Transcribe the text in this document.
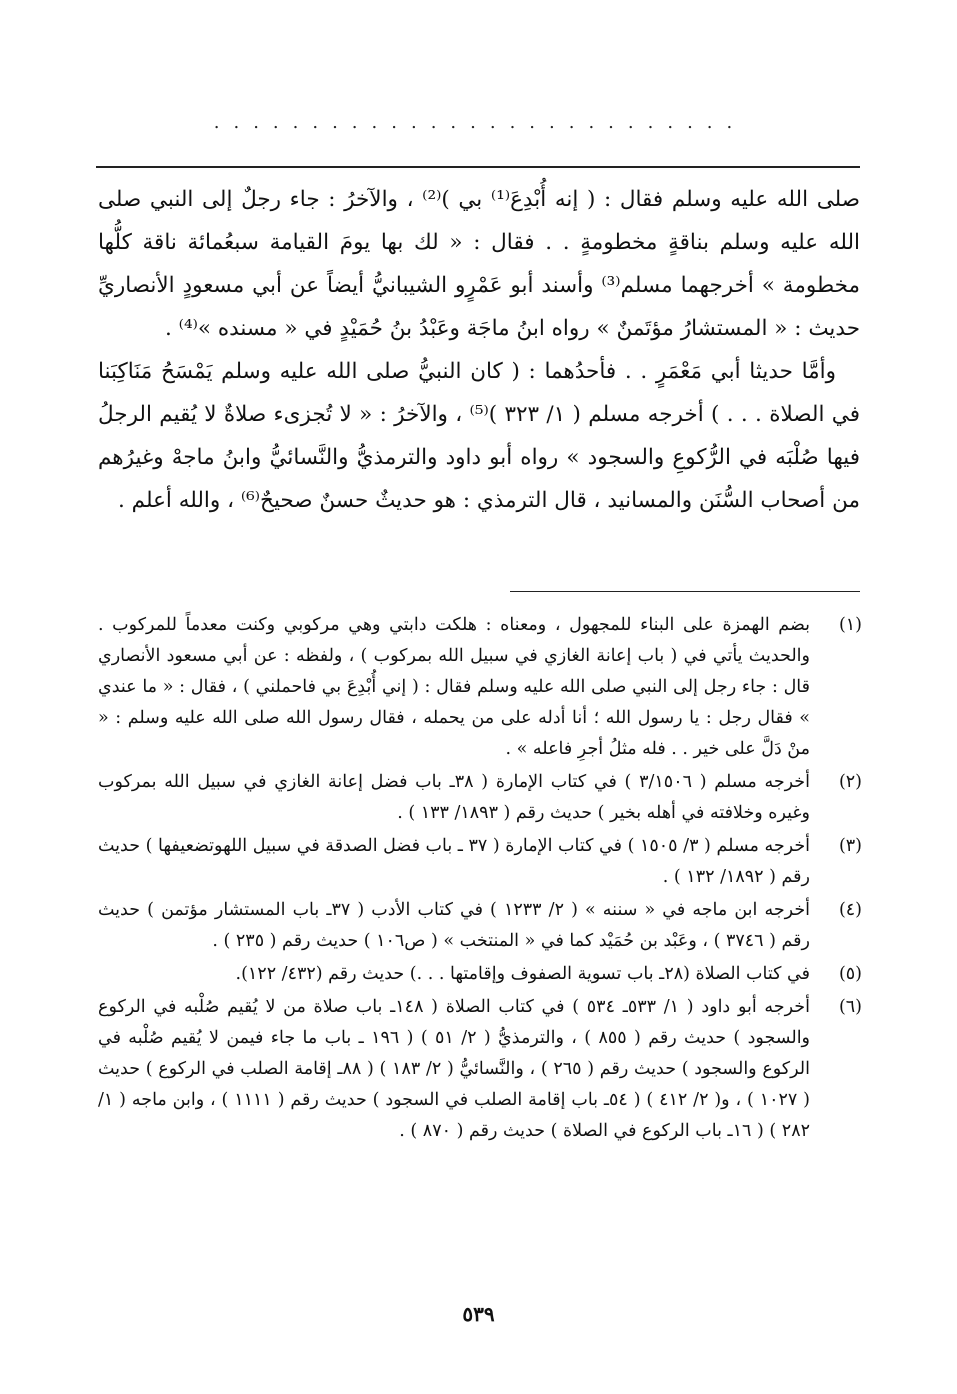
...........................

صلى الله عليه وسلم فقال : ( إنه أُبْدِعَ⁽¹⁾ بي )⁽²⁾ ، والآخرُ : جاء رجلٌ إلى النبي صلى الله عليه وسلم بناقةٍ مخطومةٍ . . فقال : « لك بها يومَ القيامة سبعُمائة ناقة كلُّها مخطومة » أخرجهما مسلم⁽³⁾ وأسند أبو عَمْرٍو الشيبانيُّ أيضاً عن أبي مسعودٍ الأنصاريِّ حديث : « المستشارُ مؤتَمنٌ » رواه ابنُ ماجَة وعَبْدُ بنُ حُمَيْدٍ في « مسنده »⁽⁴⁾ .

وأمَّا حديثا أبي مَعْمَرٍ . . فأحدُهما : ( كان النبيُّ صلى الله عليه وسلم يَمْسَحُ مَنَاكِبَنا في الصلاة . . . ) أخرجه مسلم ( ١/ ٣٢٣ )⁽⁵⁾ ، والآخرُ : « لا تُجزىء صلاةٌ لا يُقيم الرجلُ فيها صُلْبَه في الرُّكوعِ والسجود » رواه أبو داود والترمذيُّ والنَّسائيُّ وابنُ ماجهْ وغيرُهم من أصحاب السُّنَن والمسانيد ، قال الترمذي : هو حديثٌ حسنٌ صحيحٌ⁽⁶⁾ ، والله أعلم .

(١)
بضم الهمزة على البناء للمجهول ، ومعناه : هلكت دابتي وهي مركوبي وكنت معدماً للمركوب . والحديث يأتي في ( باب إعانة الغازي في سبيل الله بمركوب ) ، ولفظه : عن أبي مسعود الأنصاري قال : جاء رجل إلى النبي صلى الله عليه وسلم فقال : ( إني أُبْدِعَ بي فاحملني ) ، فقال : « ما عندي » فقال رجل : يا رسول الله ؛ أنا أدله على من يحمله ، فقال رسول الله صلى الله عليه وسلم : « منْ دَلَّ على خير . . فله مثلُ أجرِ فاعله » .
(٢)
أخرجه مسلم ( ٣/١٥٠٦ ) في كتاب الإمارة ( ٣٨ـ باب فضل إعانة الغازي في سبيل الله بمركوب وغيره وخلافته في أهله بخير ) حديث رقم ( ١٨٩٣/ ١٣٣ ) .
(٣)
أخرجه مسلم ( ٣/ ١٥٠٥ ) في كتاب الإمارة ( ٣٧ ـ باب فضل الصدقة في سبيل اللهوتضعيفها ) حديث رقم ( ١٨٩٢/ ١٣٢ ) .
(٤)
أخرجه ابن ماجه في « سننه » ( ٢/ ١٢٣٣ ) في كتاب الأدب ( ٣٧ـ باب المستشار مؤتمن ) حديث رقم ( ٣٧٤٦ ) ، وعَبْد بن حُمَيْد كما في « المنتخب » ( ص١٠٦ ) حديث رقم ( ٢٣٥ ) .
(٥)
في كتاب الصلاة (٢٨ـ باب تسوية الصفوف وإقامتها . . .) حديث رقم (٤٣٢/ ١٢٢).
(٦)
أخرجه أبو داود ( ١/ ٥٣٣ـ ٥٣٤ ) في كتاب الصلاة ( ١٤٨ـ باب صلاة من لا يُقيم صُلْبه في الركوع والسجود ) حديث رقم ( ٨٥٥ ) ، والترمذيُّ ( ٢/ ٥١ ) ( ١٩٦ ـ باب ما جاء فيمن لا يُقيم صُلْبه في الركوع والسجود ) حديث رقم ( ٢٦٥ ) ، والنَّسائيُّ ( ٢/ ١٨٣ ) ( ٨٨ـ إقامة الصلب في الركوع ) حديث ( ١٠٢٧ ) ، و( ٢/ ٤١٢ ) ( ٥٤ـ باب إقامة الصلب في السجود ) حديث رقم ( ١١١١ ) ، وابن ماجه ( ١/ ٢٨٢ ) ( ١٦ـ باب الركوع في الصلاة ) حديث رقم ( ٨٧٠ ) .
٥٣٩
